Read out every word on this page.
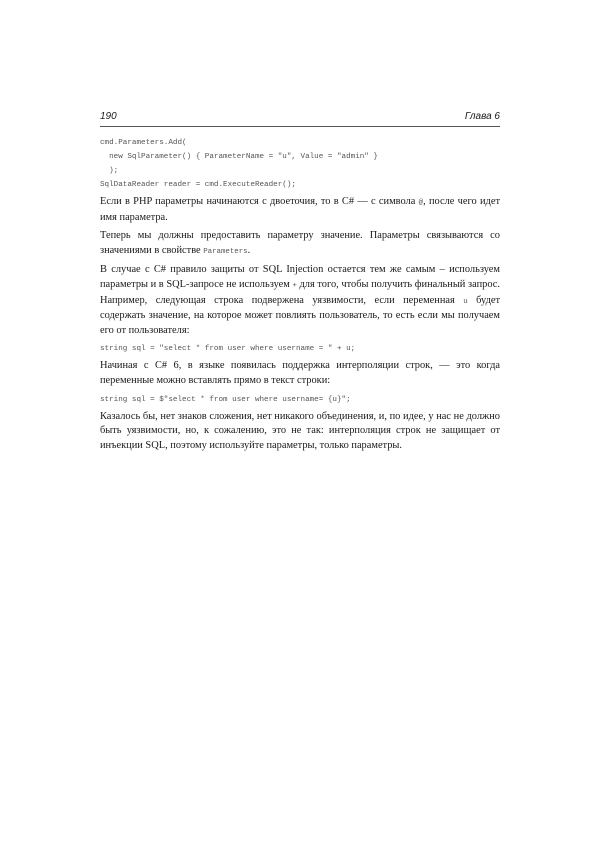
190	Глава 6
cmd.Parameters.Add(
new SqlParameter() { ParameterName = "u", Value = "admin" }
);
SqlDataReader reader = cmd.ExecuteReader();

Если в PHP параметры начинаются с двоеточия, то в C# — с символа @, после чего идет имя параметра.

Теперь мы должны предоставить параметру значение. Параметры связываются со значениями в свойстве Parameters.

В случае с C# правило защиты от SQL Injection остается тем же самым – используем параметры и в SQL-запросе не используем + для того, чтобы получить финальный запрос. Например, следующая строка подвержена уязвимости, если переменная u будет содержать значение, на которое может повлиять пользователь, то есть если мы получаем его от пользователя:

string sql = "select * from user where username = " + u;

Начиная с C# 6, в языке появилась поддержка интерполяции строк, — это когда переменные можно вставлять прямо в текст строки:

string sql = $"select * from user where username= {u}";

Казалось бы, нет знаков сложения, нет никакого объединения, и, по идее, у нас не должно быть уязвимости, но, к сожалению, это не так: интерполяция строк не защищает от инъекции SQL, поэтому используйте параметры, только параметры.
